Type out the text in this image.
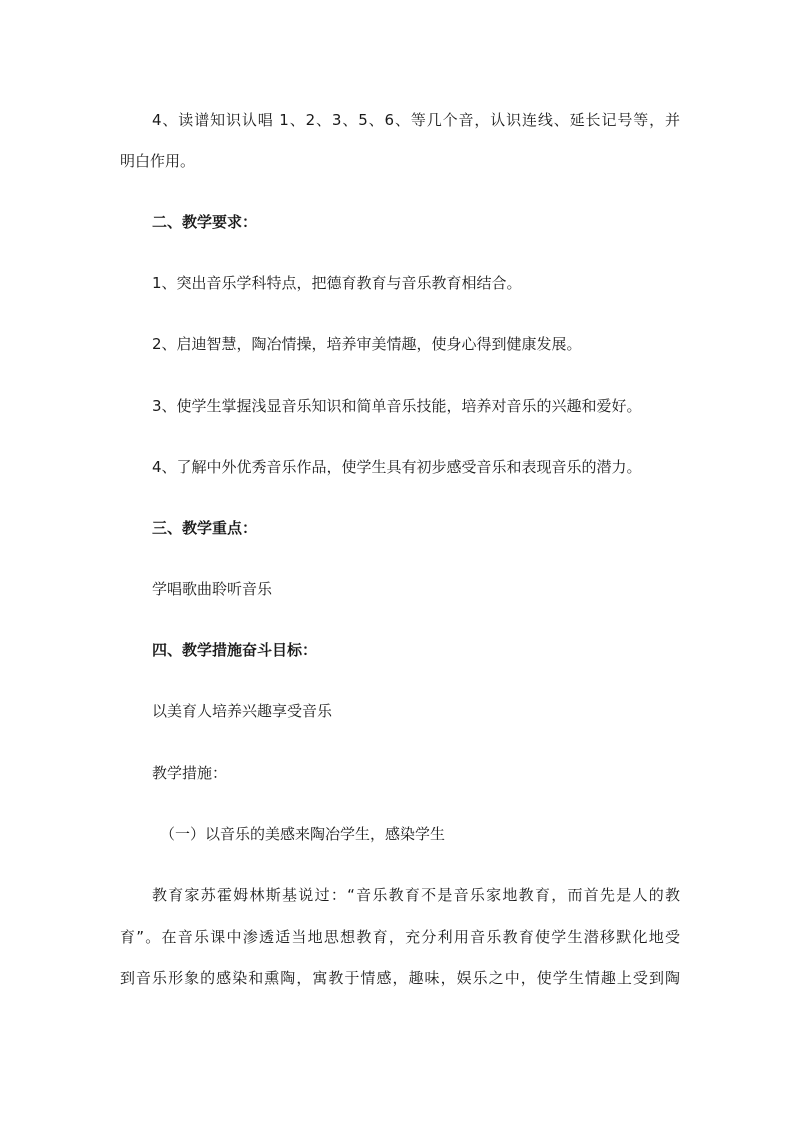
4、读谱知识认唱 1、2、3、5、6、等几个音，认识连线、延长记号等，并
明白作用。
二、教学要求：
1、突出音乐学科特点，把德育教育与音乐教育相结合。
2、启迪智慧，陶冶情操，培养审美情趣，使身心得到健康发展。
3、使学生掌握浅显音乐知识和简单音乐技能，培养对音乐的兴趣和爱好。
4、了解中外优秀音乐作品，使学生具有初步感受音乐和表现音乐的潜力。
三、教学重点：
学唱歌曲聆听音乐
四、教学措施奋斗目标：
以美育人培养兴趣享受音乐
教学措施：
（一）以音乐的美感来陶冶学生，感染学生
教育家苏霍姆林斯基说过：“音乐教育不是音乐家地教育，而首先是人的教
育”。在音乐课中渗透适当地思想教育，充分利用音乐教育使学生潜移默化地受
到音乐形象的感染和熏陶，寓教于情感，趣味，娱乐之中，使学生情趣上受到陶
